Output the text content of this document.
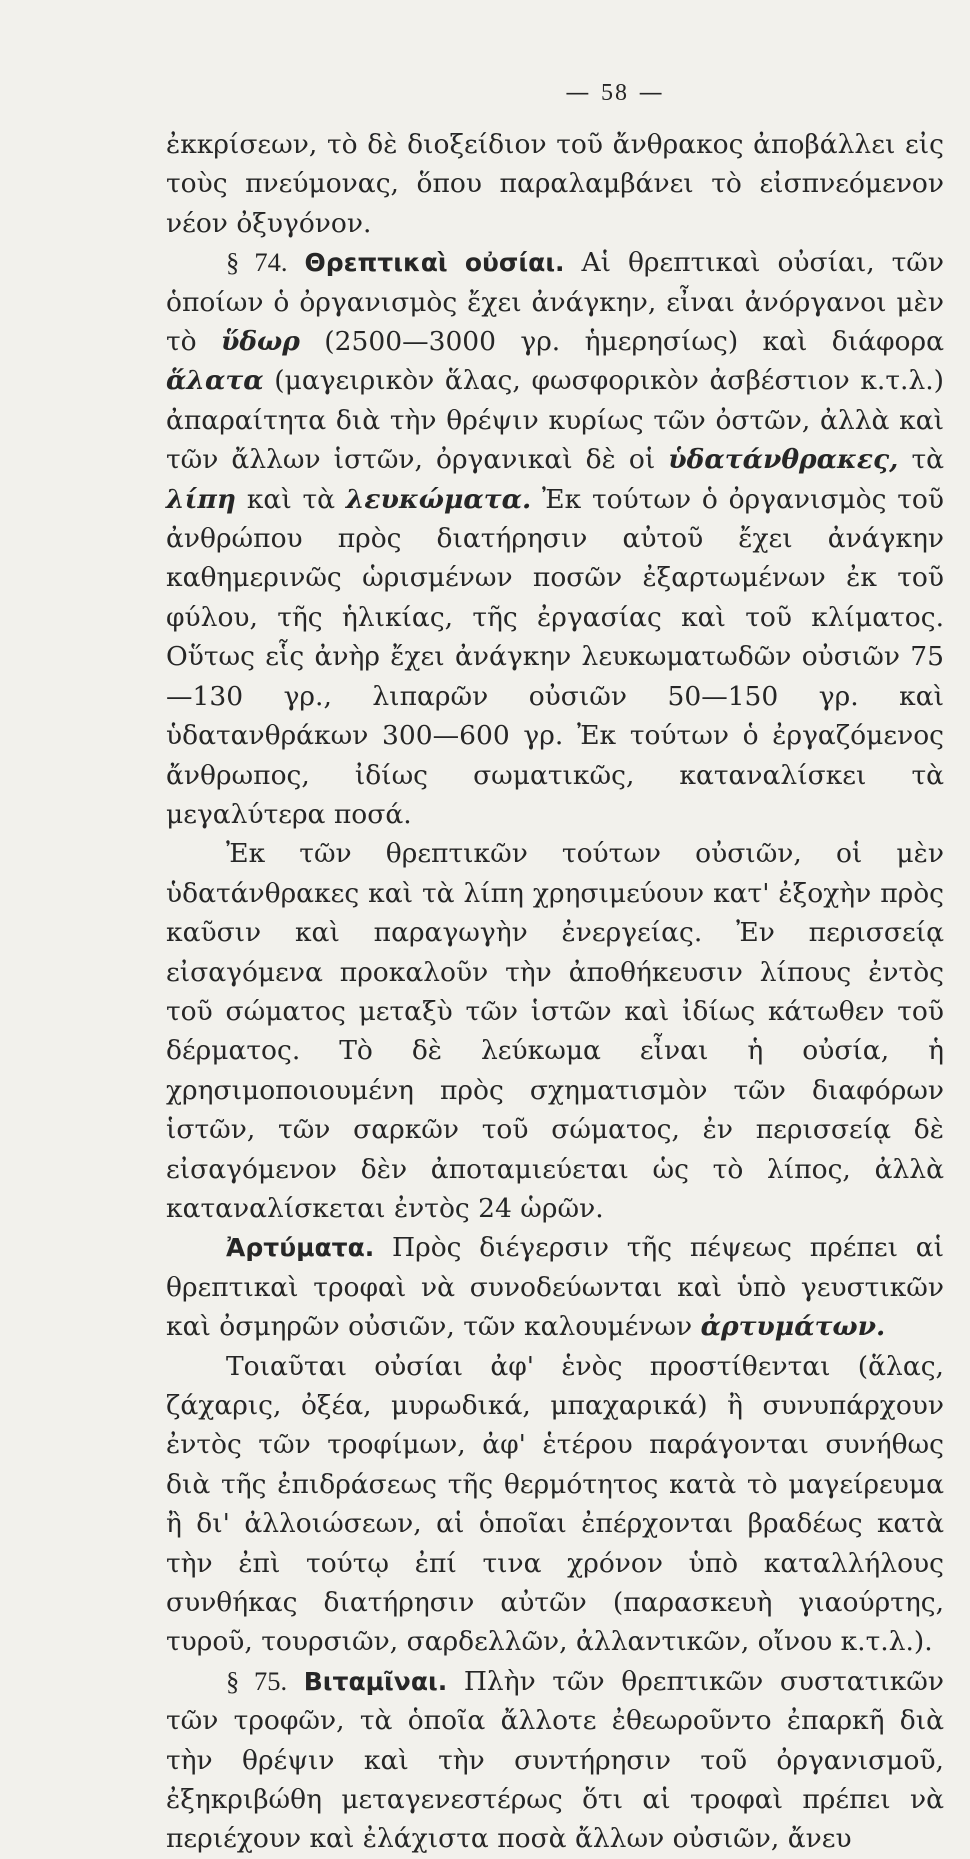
— 58 —

ἐκκρίσεων, τὸ δὲ διοξείδιον τοῦ ἄνθρακος ἀποβάλλει εἰς τοὺς πνεύμονας, ὅπου παραλαμβάνει τὸ εἰσπνεόμενον νέον ὀξυγόνον.

§ 74. Θρεπτικαὶ οὐσίαι. Αἱ θρεπτικαὶ οὐσίαι, τῶν ὁποίων ὁ ὀργανισμὸς ἔχει ἀνάγκην, εἶναι ἀνόργανοι μὲν τὸ ὕδωρ (2500—3000 γρ. ἡμερησίως) καὶ διάφορα ἅλατα (μαγειρικὸν ἅλας, φωσφορικὸν ἀσβέστιον κ.τ.λ.) ἀπαραίτητα διὰ τὴν θρέψιν κυρίως τῶν ὀστῶν, ἀλλὰ καὶ τῶν ἄλλων ἱστῶν, ὀργανικαὶ δὲ οἱ ὑδατάνθρακες, τὰ λίπη καὶ τὰ λευκώματα. Ἐκ τούτων ὁ ὀργανισμὸς τοῦ ἀνθρώπου πρὸς διατήρησιν αὐτοῦ ἔχει ἀνάγκην καθημερινῶς ὡρισμένων ποσῶν ἐξαρτωμένων ἐκ τοῦ φύλου, τῆς ἡλικίας, τῆς ἐργασίας καὶ τοῦ κλίματος. Οὕτως εἷς ἀνὴρ ἔχει ἀνάγκην λευκωματωδῶν οὐσιῶν 75—130 γρ., λιπαρῶν οὐσιῶν 50—150 γρ. καὶ ὑδατανθράκων 300—600 γρ. Ἐκ τούτων ὁ ἐργαζόμενος ἄνθρωπος, ἰδίως σωματικῶς, καταναλίσκει τὰ μεγαλύτερα ποσά.

Ἐκ τῶν θρεπτικῶν τούτων οὐσιῶν, οἱ μὲν ὑδατάνθρακες καὶ τὰ λίπη χρησιμεύουν κατ' ἐξοχὴν πρὸς καῦσιν καὶ παραγωγὴν ἐνεργείας. Ἐν περισσείᾳ εἰσαγόμενα προκαλοῦν τὴν ἀποθήκευσιν λίπους ἐντὸς τοῦ σώματος μεταξὺ τῶν ἱστῶν καὶ ἰδίως κάτωθεν τοῦ δέρματος. Τὸ δὲ λεύκωμα εἶναι ἡ οὐσία, ἡ χρησιμοποιουμένη πρὸς σχηματισμὸν τῶν διαφόρων ἱστῶν, τῶν σαρκῶν τοῦ σώματος, ἐν περισσείᾳ δὲ εἰσαγόμενον δὲν ἀποταμιεύεται ὡς τὸ λίπος, ἀλλὰ καταναλίσκεται ἐντὸς 24 ὡρῶν.

Ἀρτύματα. Πρὸς διέγερσιν τῆς πέψεως πρέπει αἱ θρεπτικαὶ τροφαὶ νὰ συνοδεύωνται καὶ ὑπὸ γευστικῶν καὶ ὀσμηρῶν οὐσιῶν, τῶν καλουμένων ἀρτυμάτων.

Τοιαῦται οὐσίαι ἀφ' ἑνὸς προστίθενται (ἅλας, ζάχαρις, ὀξέα, μυρωδικά, μπαχαρικά) ἢ συνυπάρχουν ἐντὸς τῶν τροφίμων, ἀφ' ἑτέρου παράγονται συνήθως διὰ τῆς ἐπιδράσεως τῆς θερμότητος κατὰ τὸ μαγείρευμα ἢ δι' ἀλλοιώσεων, αἱ ὁποῖαι ἐπέρχονται βραδέως κατὰ τὴν ἐπὶ τούτῳ ἐπί τινα χρόνον ὑπὸ καταλλήλους συνθήκας διατήρησιν αὐτῶν (παρασκευὴ γιαούρτης, τυροῦ, τουρσιῶν, σαρδελλῶν, ἀλλαντικῶν, οἴνου κ.τ.λ.).

§ 75. Βιταμῖναι. Πλὴν τῶν θρεπτικῶν συστατικῶν τῶν τροφῶν, τὰ ὁποῖα ἄλλοτε ἐθεωροῦντο ἐπαρκῆ διὰ τὴν θρέψιν καὶ τὴν συντήρησιν τοῦ ὀργανισμοῦ, ἐξηκριβώθη μεταγενεστέρως ὅτι αἱ τροφαὶ πρέπει νὰ περιέχουν καὶ ἐλάχιστα ποσὰ ἄλλων οὐσιῶν, ἄνευ
